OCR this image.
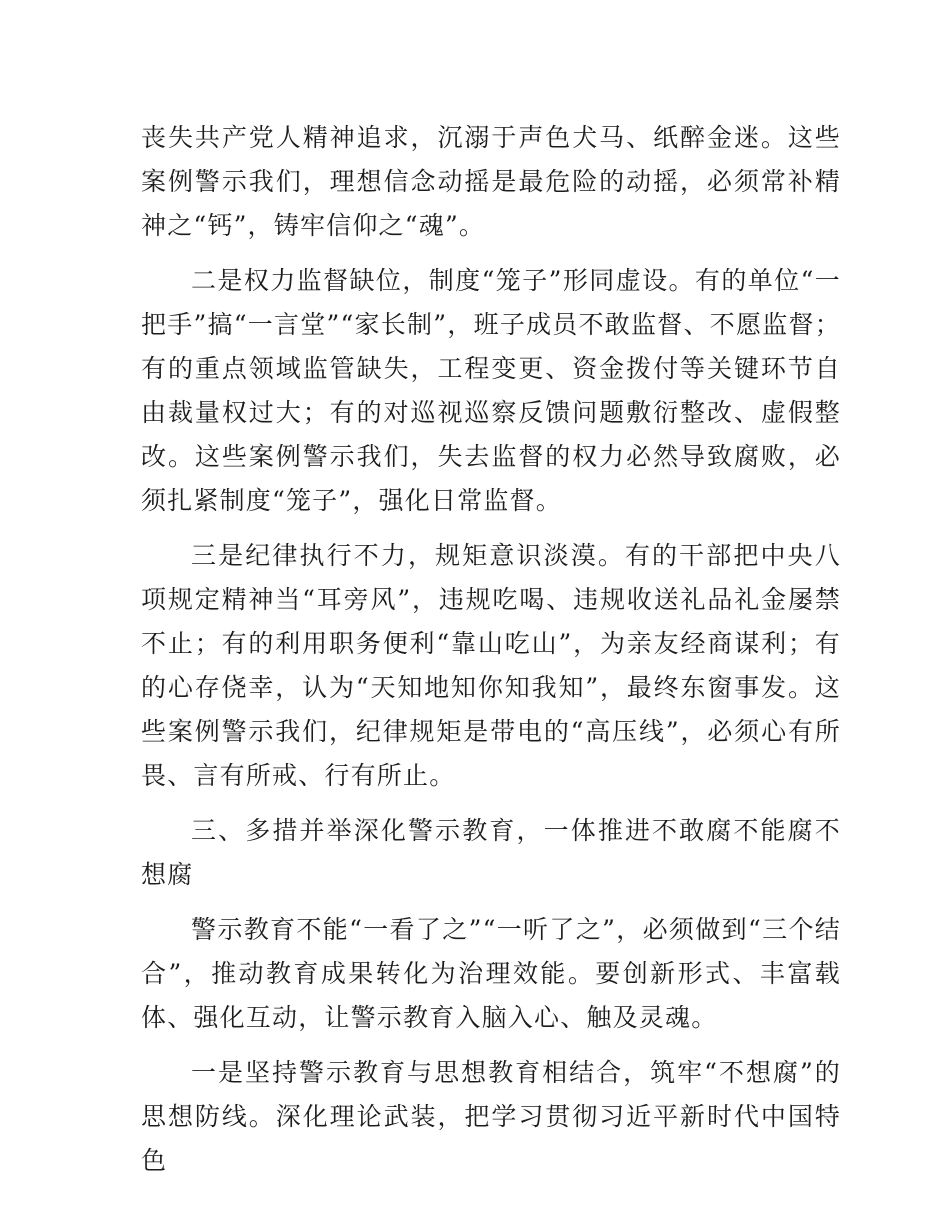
丧失共产党人精神追求，沉溺于声色犬马、纸醉金迷。这些案例警示我们，理想信念动摇是最危险的动摇，必须常补精神之“钙”，铸牢信仰之“魂”。

二是权力监督缺位，制度“笼子”形同虚设。有的单位“一把手”搞“一言堂”“家长制”，班子成员不敢监督、不愿监督；有的重点领域监管缺失，工程变更、资金拨付等关键环节自由裁量权过大；有的对巡视巡察反馈问题敷衍整改、虚假整改。这些案例警示我们，失去监督的权力必然导致腐败，必须扎紧制度“笼子”，强化日常监督。

三是纪律执行不力，规矩意识淡漠。有的干部把中央八项规定精神当“耳旁风”，违规吃喝、违规收送礼品礼金屡禁不止；有的利用职务便利“靠山吃山”，为亲友经商谋利；有的心存侥幸，认为“天知地知你知我知”，最终东窗事发。这些案例警示我们，纪律规矩是带电的“高压线”，必须心有所畏、言有所戒、行有所止。

三、多措并举深化警示教育，一体推进不敢腐不能腐不想腐

警示教育不能“一看了之”“一听了之”，必须做到“三个结合”，推动教育成果转化为治理效能。要创新形式、丰富载体、强化互动，让警示教育入脑入心、触及灵魂。

一是坚持警示教育与思想教育相结合，筑牢“不想腐”的思想防线。深化理论武装，把学习贯彻习近平新时代中国特色
